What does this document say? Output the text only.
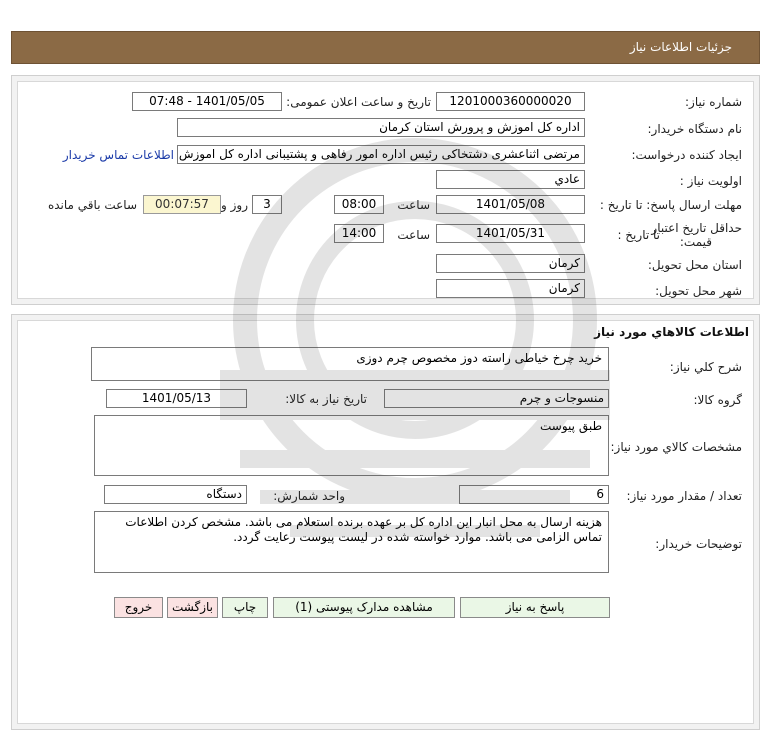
جزئیات اطلاعات نیاز
شماره نیاز:
1201000360000020
تاریخ و ساعت اعلان عمومی:
1401/05/05 - 07:48
نام دستگاه خریدار:
اداره کل اموزش و پرورش استان کرمان
ایجاد کننده درخواست:
مرتضی اثناعشری دشتخاکی رئیس اداره امور رفاهی و پشتیبانی اداره کل اموزش
اطلاعات تماس خریدار
اولویت نیاز :
عادي
مهلت ارسال پاسخ: تا تاریخ :
1401/05/08
ساعت
08:00
3
روز و
00:07:57
ساعت باقي مانده
حداقل تاریخ اعتبار
قیمت:
تا تاریخ :
1401/05/31
ساعت
14:00
استان محل تحویل:
کرمان
شهر محل تحویل:
کرمان
اطلاعات کالاهاي مورد نياز
شرح کلي نياز:
خرید چرخ خیاطی راسته دوز مخصوص چرم دوزی
گروه کالا:
منسوجات و چرم
تاريخ نياز به کالا:
1401/05/13
مشخصات کالاي مورد نياز:
طبق پیوست
تعداد / مقدار مورد نياز:
6
واحد شمارش:
دستگاه
توضيحات خريدار:
هزینه ارسال به محل انبار این اداره کل بر عهده برنده استعلام می باشد. مشخص کردن اطلاعات تماس الزامی می باشد. موارد خواسته شده در لیست پیوست رعایت گردد.
پاسخ به نیاز
مشاهده مدارک پیوستی (1)
چاپ
بازگشت
خروج
